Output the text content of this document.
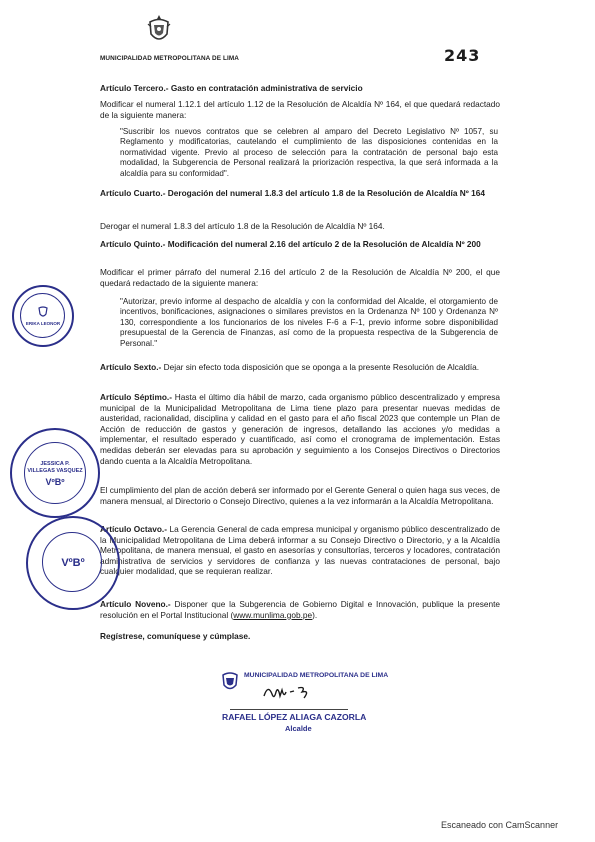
MUNICIPALIDAD METROPOLITANA DE LIMA	243
Artículo Tercero.- Gasto en contratación administrativa de servicio
Modificar el numeral 1.12.1 del artículo 1.12 de la Resolución de Alcaldía Nº 164, el que quedará redactado de la siguiente manera:
"Suscribir los nuevos contratos que se celebren al amparo del Decreto Legislativo Nº 1057, su Reglamento y modificatorias, cautelando el cumplimiento de las disposiciones contenidas en la normatividad vigente. Previo al proceso de selección para la contratación de personal bajo esta modalidad, la Subgerencia de Personal realizará la priorización respectiva, la que será informada a la alcaldía para su conformidad".
Artículo Cuarto.- Derogación del numeral 1.8.3 del artículo 1.8 de la Resolución de Alcaldía Nº 164
Derogar el numeral 1.8.3 del artículo 1.8 de la Resolución de Alcaldía Nº 164.
Artículo Quinto.- Modificación del numeral 2.16 del artículo 2 de la Resolución de Alcaldía Nº 200
Modificar el primer párrafo del numeral 2.16 del artículo 2 de la Resolución de Alcaldía Nº 200, el que quedará redactado de la siguiente manera:
"Autorizar, previo informe al despacho de alcaldía y con la conformidad del Alcalde, el otorgamiento de incentivos, bonificaciones, asignaciones o similares previstos en la Ordenanza Nº 100 y Ordenanza Nº 130, correspondiente a los funcionarios de los niveles F-6 a F-1, previo informe sobre disponibilidad presupuestal de la Gerencia de Finanzas, así como de la propuesta respectiva de la Subgerencia de Personal."
Artículo Sexto.- Dejar sin efecto toda disposición que se oponga a la presente Resolución de Alcaldía.
Artículo Séptimo.- Hasta el último día hábil de marzo, cada organismo público descentralizado y empresa municipal de la Municipalidad Metropolitana de Lima tiene plazo para presentar nuevas medidas de austeridad, racionalidad, disciplina y calidad en el gasto para el año fiscal 2023 que contemple un Plan de Acción de reducción de gastos y generación de ingresos, detallando las acciones y/o medidas a implementar, el resultado esperado y cuantificado, así como el cronograma de implementación. Estas medidas deberán ser elevadas para su aprobación y seguimiento a los Consejos Directivos o Directorios dando cuenta a la Alcaldía Metropolitana.
El cumplimiento del plan de acción deberá ser informado por el Gerente General o quien haga sus veces, de manera mensual, al Directorio o Consejo Directivo, quienes a la vez informarán a la Alcaldía Metropolitana.
Artículo Octavo.- La Gerencia General de cada empresa municipal y organismo público descentralizado de la Municipalidad Metropolitana de Lima deberá informar a su Consejo Directivo o Directorio, y a la Alcaldía Metropolitana, de manera mensual, el gasto en asesorías y consultorías, terceros y locadores, contratación administrativa de servicios y servidores de confianza y las nuevas contrataciones de personal, bajo cualquier modalidad, que se requieran realizar.
Artículo Noveno.- Disponer que la Subgerencia de Gobierno Digital e Innovación, publique la presente resolución en el Portal Institucional (www.munlima.gob.pe).
Regístrese, comuníquese y cúmplase.
MUNICIPALIDAD METROPOLITANA DE LIMA
RAFAEL LÓPEZ ALIAGA CAZORLA
Alcalde
ERIKA LEONOR
JESSICA P.
VILLEGAS VASQUEZ
VºBº
VºBº
Escaneado con CamScanner
